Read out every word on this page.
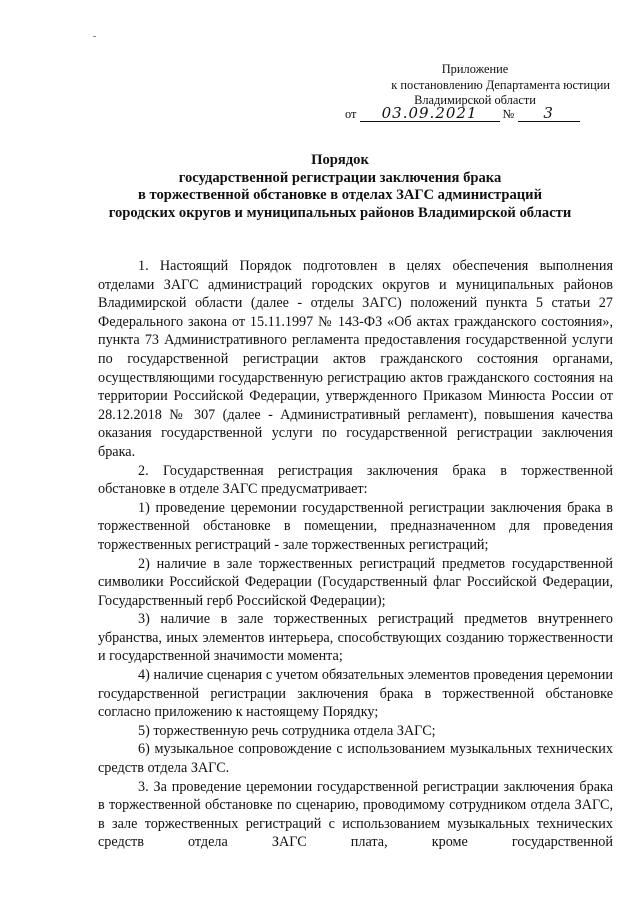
Приложение
к постановлению Департамента юстиции
Владимирской области
от 03.09.2021 № 3
Порядок
государственной регистрации заключения брака
в торжественной обстановке в отделах ЗАГС администраций
городских округов и муниципальных районов Владимирской области

1. Настоящий Порядок подготовлен в целях обеспечения выполнения отделами ЗАГС администраций городских округов и муниципальных районов Владимирской области (далее - отделы ЗАГС) положений пункта 5 статьи 27 Федерального закона от 15.11.1997 № 143-ФЗ «Об актах гражданского состояния», пункта 73 Административного регламента предоставления государственной услуги по государственной регистрации актов гражданского состояния органами, осуществляющими государственную регистрацию актов гражданского состояния на территории Российской Федерации, утвержденного Приказом Минюста России от 28.12.2018 № 307 (далее - Административный регламент), повышения качества оказания государственной услуги по государственной регистрации заключения брака.

2. Государственная регистрация заключения брака в торжественной обстановке в отделе ЗАГС предусматривает:

1) проведение церемонии государственной регистрации заключения брака в торжественной обстановке в помещении, предназначенном для проведения торжественных регистраций - зале торжественных регистраций;

2) наличие в зале торжественных регистраций предметов государственной символики Российской Федерации (Государственный флаг Российской Федерации, Государственный герб Российской Федерации);

3) наличие в зале торжественных регистраций предметов внутреннего убранства, иных элементов интерьера, способствующих созданию торжественности и государственной значимости момента;

4) наличие сценария с учетом обязательных элементов проведения церемонии государственной регистрации заключения брака в торжественной обстановке согласно приложению к настоящему Порядку;

5) торжественную речь сотрудника отдела ЗАГС;

6) музыкальное сопровождение с использованием музыкальных технических средств отдела ЗАГС.

3. За проведение церемонии государственной регистрации заключения брака в торжественной обстановке по сценарию, проводимому сотрудником отдела ЗАГС, в зале торжественных регистраций с использованием музыкальных технических средств отдела ЗАГС плата, кроме государственной
